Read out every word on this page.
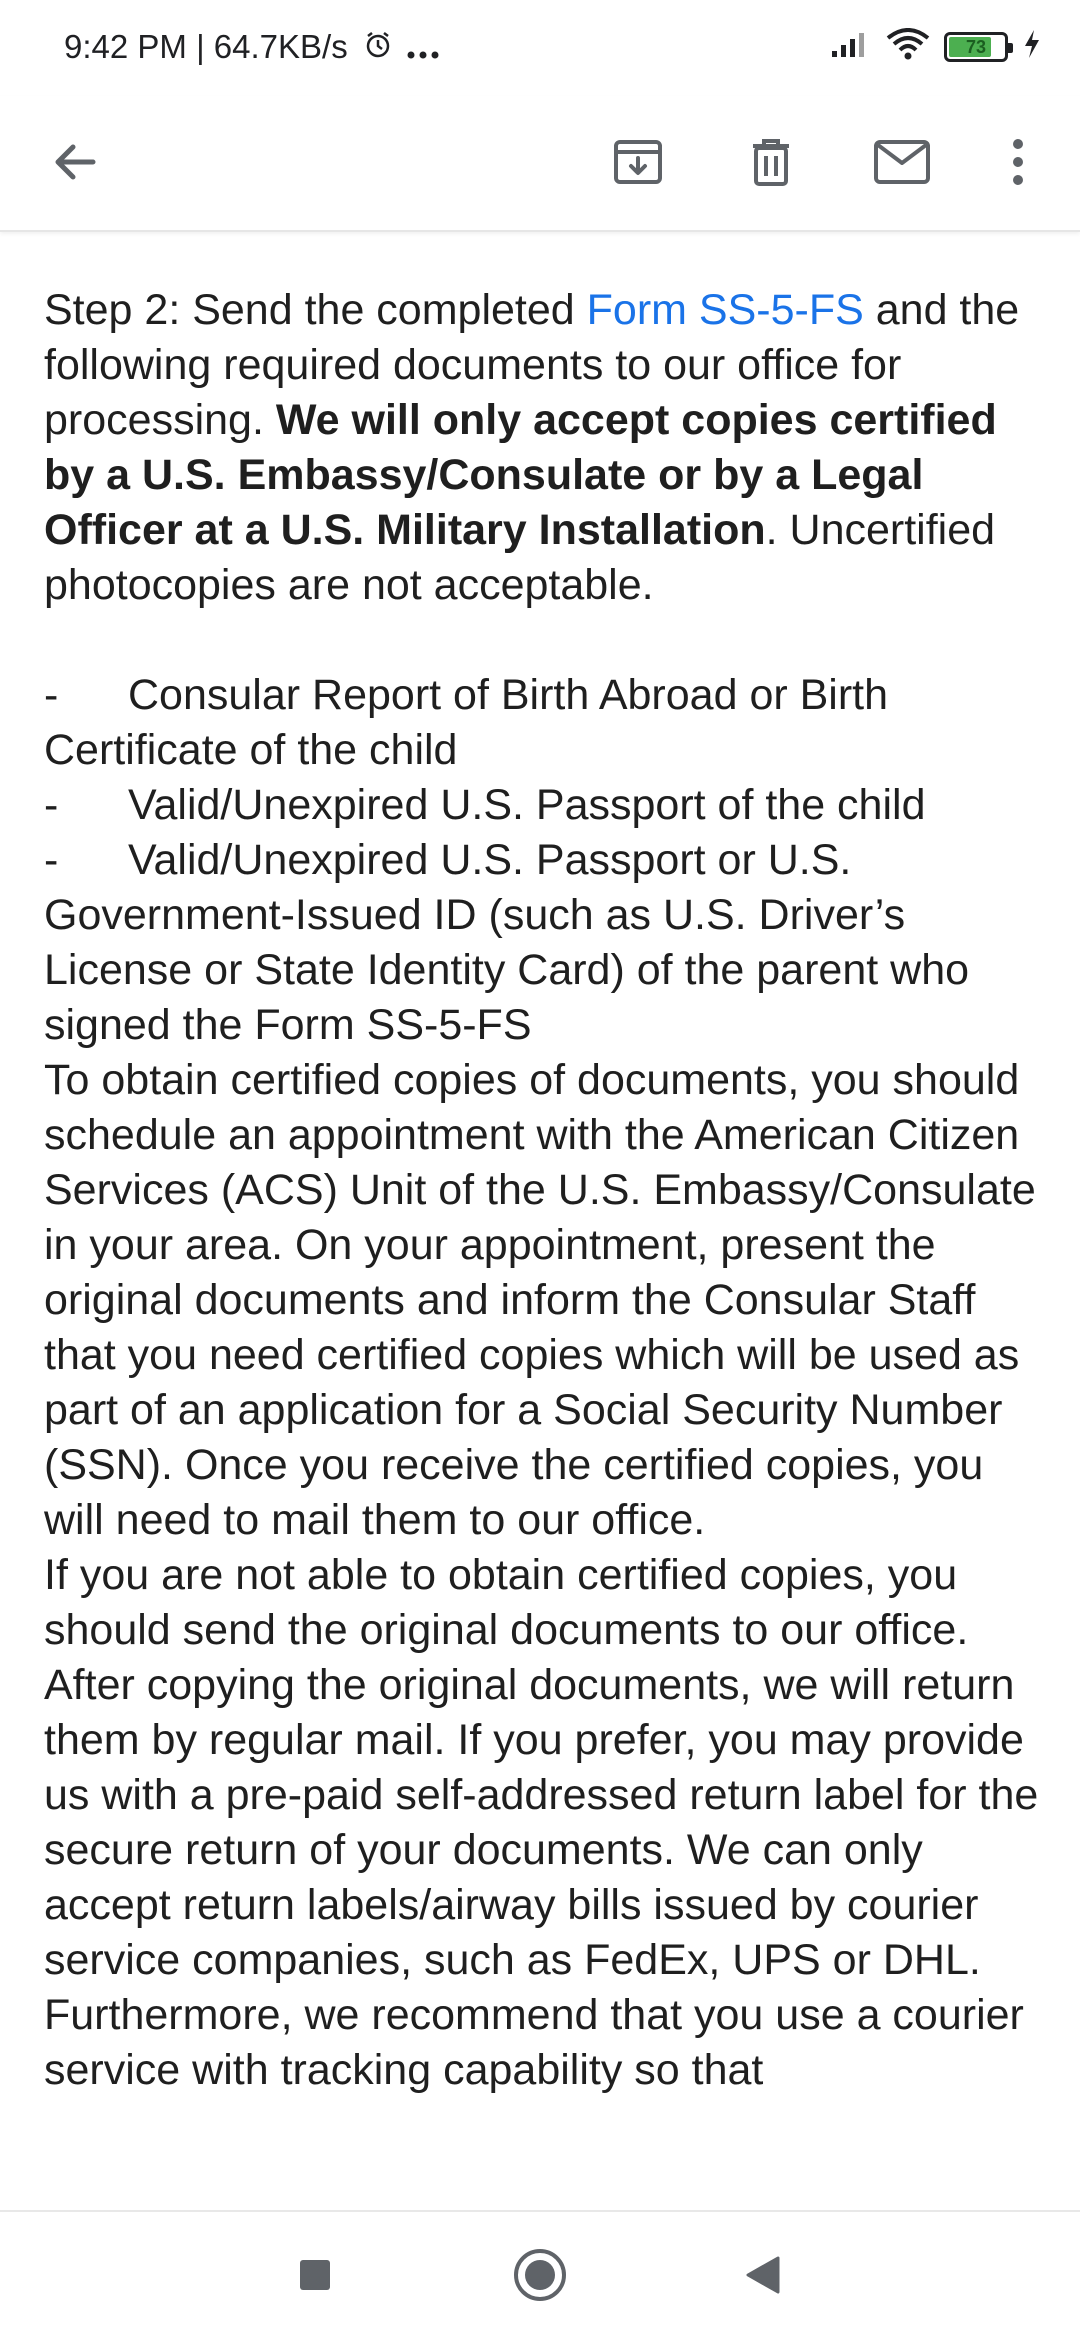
9:42 PM | 64.7KB/s	73

Step 2: Send the completed Form SS-5-FS and the following required documents to our office for processing. We will only accept copies certified by a U.S. Embassy/Consulate or by a Legal Officer at a U.S. Military Installation. Uncertified photocopies are not acceptable.

- Consular Report of Birth Abroad or Birth Certificate of the child

- Valid/Unexpired U.S. Passport of the child

- Valid/Unexpired U.S. Passport or U.S. Government-Issued ID (such as U.S. Driver’s License or State Identity Card) of the parent who signed the Form SS-5-FS

To obtain certified copies of documents, you should schedule an appointment with the American Citizen Services (ACS) Unit of the U.S. Embassy/Consulate in your area. On your appointment, present the original documents and inform the Consular Staff that you need certified copies which will be used as part of an application for a Social Security Number (SSN). Once you receive the certified copies, you will need to mail them to our office.

If you are not able to obtain certified copies, you should send the original documents to our office. After copying the original documents, we will return them by regular mail. If you prefer, you may provide us with a pre-paid self-addressed return label for the secure return of your documents. We can only accept return labels/airway bills issued by courier service companies, such as FedEx, UPS or DHL. Furthermore, we recommend that you use a courier service with tracking capability so that
